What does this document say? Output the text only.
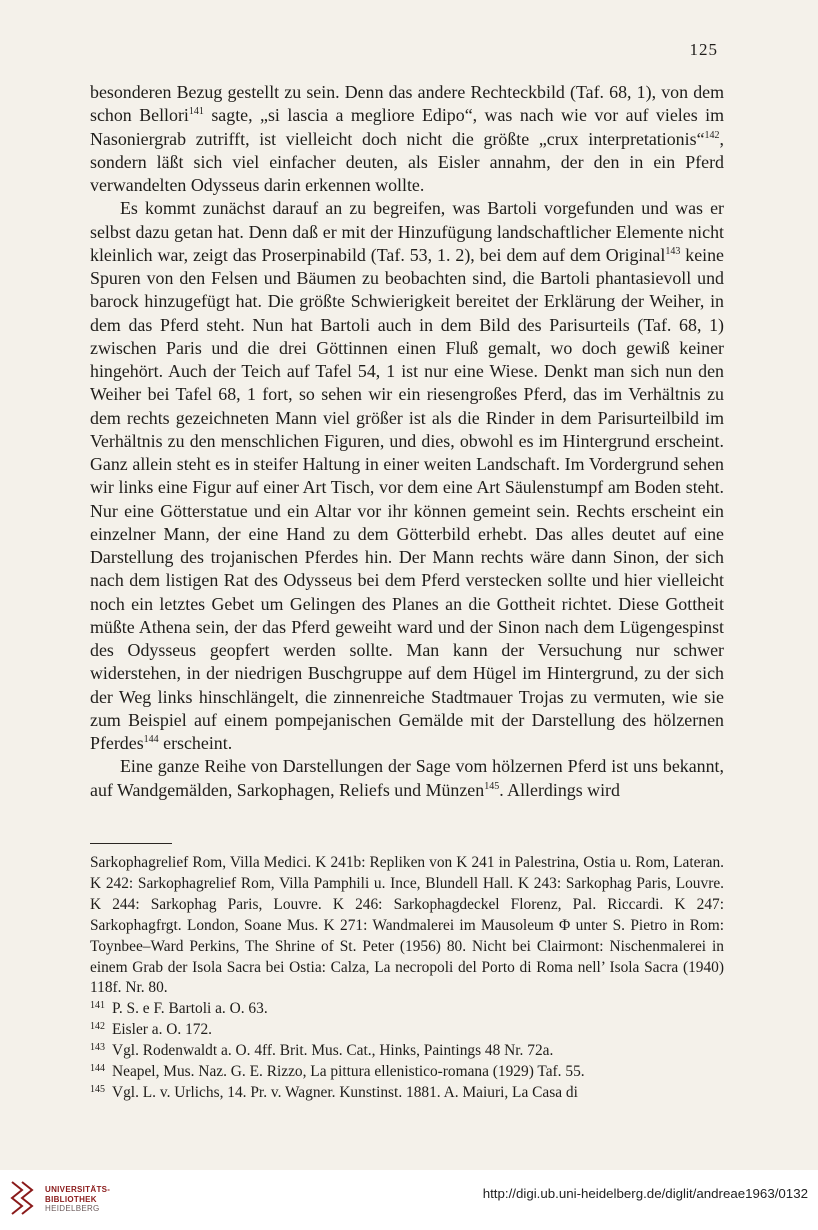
125

besonderen Bezug gestellt zu sein. Denn das andere Rechteckbild (Taf. 68, 1), von dem schon Bellori$^{141}$ sagte, „si lascia a megliore Edipo“, was nach wie vor auf vieles im Nasoniergrab zutrifft, ist vielleicht doch nicht die größte „crux interpretationis“$^{142}$, sondern läßt sich viel einfacher deuten, als Eisler annahm, der den in ein Pferd verwandelten Odysseus darin erkennen wollte.

Es kommt zunächst darauf an zu begreifen, was Bartoli vorgefunden und was er selbst dazu getan hat. Denn daß er mit der Hinzufügung landschaftlicher Elemente nicht kleinlich war, zeigt das Proserpinabild (Taf. 53, 1. 2), bei dem auf dem Original$^{143}$ keine Spuren von den Felsen und Bäumen zu beobachten sind, die Bartoli phantasievoll und barock hinzugefügt hat. Die größte Schwierigkeit bereitet der Erklärung der Weiher, in dem das Pferd steht. Nun hat Bartoli auch in dem Bild des Parisurteils (Taf. 68, 1) zwischen Paris und die drei Göttinnen einen Fluß gemalt, wo doch gewiß keiner hingehört. Auch der Teich auf Tafel 54, 1 ist nur eine Wiese. Denkt man sich nun den Weiher bei Tafel 68, 1 fort, so sehen wir ein riesengroßes Pferd, das im Verhältnis zu dem rechts gezeichneten Mann viel größer ist als die Rinder in dem Parisurteilbild im Verhältnis zu den menschlichen Figuren, und dies, obwohl es im Hintergrund erscheint. Ganz allein steht es in steifer Haltung in einer weiten Landschaft. Im Vordergrund sehen wir links eine Figur auf einer Art Tisch, vor dem eine Art Säulenstumpf am Boden steht. Nur eine Götterstatue und ein Altar vor ihr können gemeint sein. Rechts erscheint ein einzelner Mann, der eine Hand zu dem Götterbild erhebt. Das alles deutet auf eine Darstellung des trojanischen Pferdes hin. Der Mann rechts wäre dann Sinon, der sich nach dem listigen Rat des Odysseus bei dem Pferd verstecken sollte und hier vielleicht noch ein letztes Gebet um Gelingen des Planes an die Gottheit richtet. Diese Gottheit müßte Athena sein, der das Pferd geweiht ward und der Sinon nach dem Lügengespinst des Odysseus geopfert werden sollte. Man kann der Versuchung nur schwer widerstehen, in der niedrigen Buschgruppe auf dem Hügel im Hintergrund, zu der sich der Weg links hinschlängelt, die zinnenreiche Stadtmauer Trojas zu vermuten, wie sie zum Beispiel auf einem pompejanischen Gemälde mit der Darstellung des hölzernen Pferdes$^{144}$ erscheint.

Eine ganze Reihe von Darstellungen der Sage vom hölzernen Pferd ist uns bekannt, auf Wandgemälden, Sarkophagen, Reliefs und Münzen$^{145}$. Allerdings wird

Sarkophagrelief Rom, Villa Medici. K 241b: Repliken von K 241 in Palestrina, Ostia u. Rom, Lateran. K 242: Sarkophagrelief Rom, Villa Pamphili u. Ince, Blundell Hall. K 243: Sarkophag Paris, Louvre. K 244: Sarkophag Paris, Louvre. K 246: Sarkophagdeckel Florenz, Pal. Riccardi. K 247: Sarkophagfrgt. London, Soane Mus. K 271: Wandmalerei im Mausoleum Φ unter S. Pietro in Rom: Toynbee–Ward Perkins, The Shrine of St. Peter (1956) 80. Nicht bei Clairmont: Nischenmalerei in einem Grab der Isola Sacra bei Ostia: Calza, La necropoli del Porto di Roma nell’ Isola Sacra (1940) 118f. Nr. 80.

141 P. S. e F. Bartoli a. O. 63.

142 Eisler a. O. 172.

143 Vgl. Rodenwaldt a. O. 4ff. Brit. Mus. Cat., Hinks, Paintings 48 Nr. 72a.

144 Neapel, Mus. Naz. G. E. Rizzo, La pittura ellenistico-romana (1929) Taf. 55.

145 Vgl. L. v. Urlichs, 14. Pr. v. Wagner. Kunstinst. 1881. A. Maiuri, La Casa di

UNIVERSITÄTS-
BIBLIOTHEK
HEIDELBERG
http://digi.ub.uni-heidelberg.de/diglit/andreae1963/0132
